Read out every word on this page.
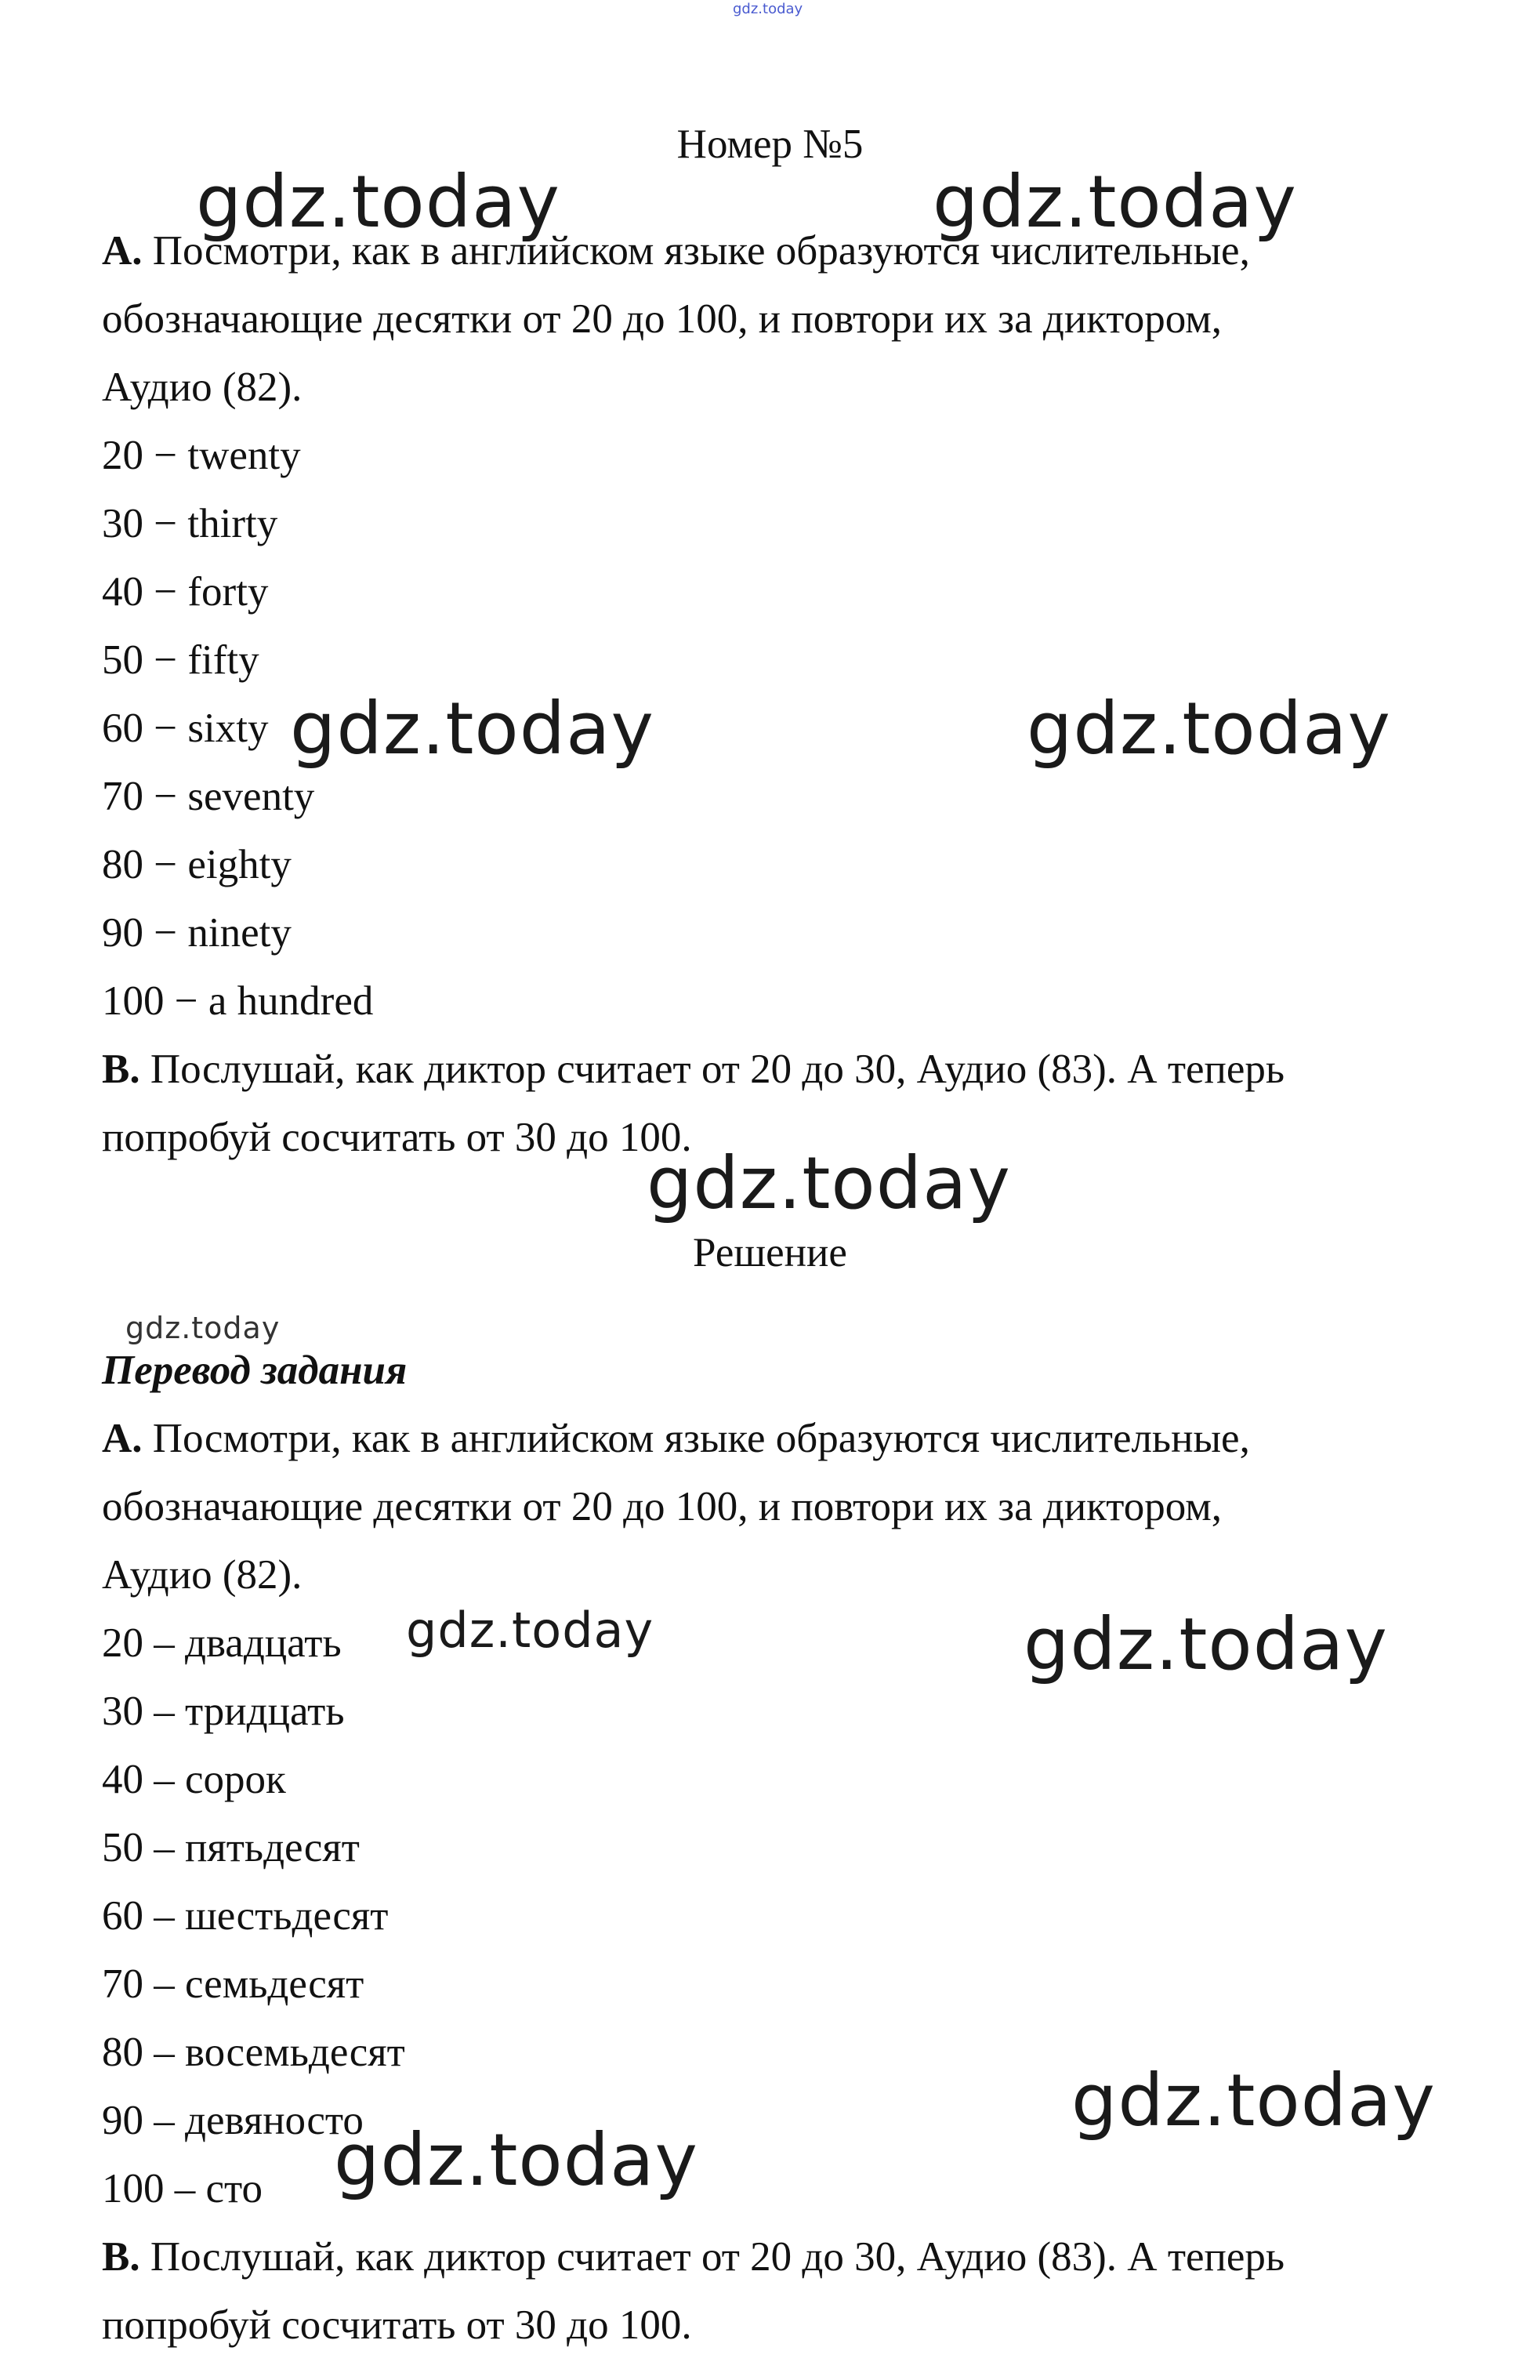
gdz.today
Номер №5
А. Посмотри, как в английском языке образуются числительные,
обозначающие десятки от 20 до 100, и повтори их за диктором,
Аудио (82).
20 − twenty
30 − thirty
40 − forty
50 − fifty
60 − sixty
70 − seventy
80 − eighty
90 − ninety
100 − a hundred
В. Послушай, как диктор считает от 20 до 30, Аудио (83). А теперь
попробуй сосчитать от 30 до 100.
Решение
Перевод задания
А. Посмотри, как в английском языке образуются числительные,
обозначающие десятки от 20 до 100, и повтори их за диктором,
Аудио (82).
20 – двадцать
30 – тридцать
40 – сорок
50 – пятьдесят
60 – шестьдесят
70 – семьдесят
80 – восемьдесят
90 – девяносто
100 – сто
В. Послушай, как диктор считает от 20 до 30, Аудио (83). А теперь
попробуй сосчитать от 30 до 100.
gdz.today	gdz.today
gdz.today	gdz.today
gdz.today
gdz.today
gdz.today	gdz.today
gdz.today
gdz.today
